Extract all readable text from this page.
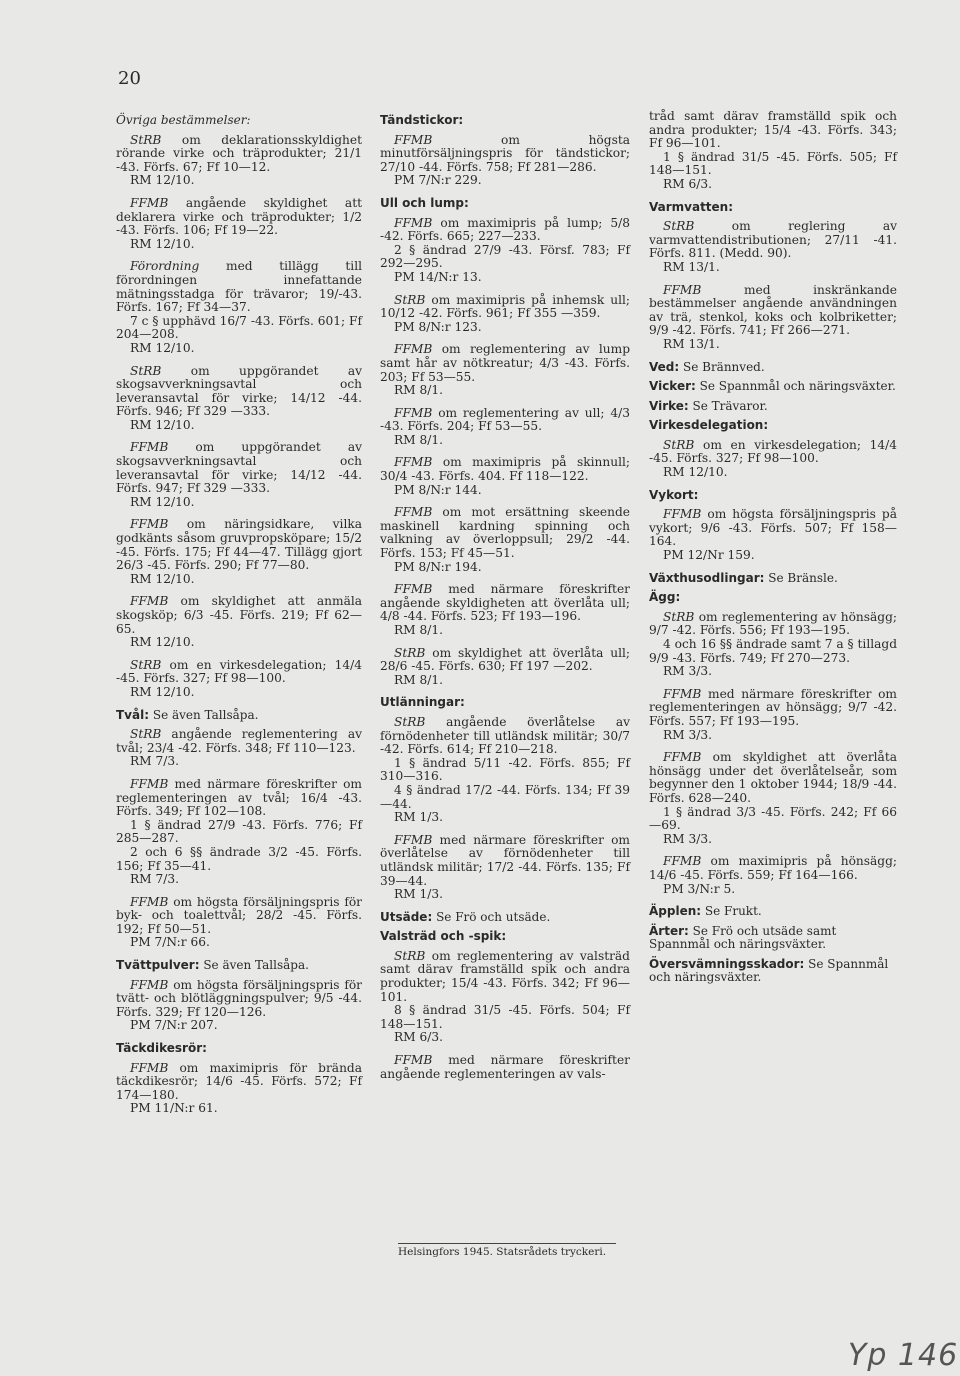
20
Övriga bestämmelser:

StRB om deklarationsskyldighet rörande virke och träprodukter; 21/1 -43. Förfs. 67; Ff 10—12.

RM 12/10.

FFMB angående skyldighet att deklarera virke och träprodukter; 1/2 -43. Förfs. 106; Ff 19—22.

RM 12/10.

Förordning med tillägg till förordningen innefattande mätningsstadga för trävaror; 19/-43. Förfs. 167; Ff 34—37.

7 c § upphävd 16/7 -43. Förfs. 601; Ff 204—208.

RM 12/10.

StRB om uppgörandet av skogsavverkningsavtal och leveransavtal för virke; 14/12 -44. Förfs. 946; Ff 329 —333.

RM 12/10.

FFMB om uppgörandet av skogsavverkningsavtal och leveransavtal för virke; 14/12 -44. Förfs. 947; Ff 329 —333.

RM 12/10.

FFMB om näringsidkare, vilka godkänts såsom gruvpropsköpare; 15/2 -45. Förfs. 175; Ff 44—47. Tillägg gjort 26/3 -45. Förfs. 290; Ff 77—80.

RM 12/10.

FFMB om skyldighet att anmäla skogsköp; 6/3 -45. Förfs. 219; Ff 62—65.

RM 12/10.

StRB om en virkesdelegation; 14/4 -45. Förfs. 327; Ff 98—100.

RM 12/10.

Tvål: Se även Tallsåpa.

StRB angående reglementering av tvål; 23/4 -42. Förfs. 348; Ff 110—123.

RM 7/3.

FFMB med närmare föreskrifter om reglementeringen av tvål; 16/4 -43. Förfs. 349; Ff 102—108.

1 § ändrad 27/9 -43. Förfs. 776; Ff 285—287.

2 och 6 §§ ändrade 3/2 -45. Förfs. 156; Ff 35—41.

RM 7/3.

FFMB om högsta försäljningspris för byk- och toalettvål; 28/2 -45. Förfs. 192; Ff 50—51.

PM 7/N:r 66.

Tvättpulver: Se även Tallsåpa.

FFMB om högsta försäljningspris för tvätt- och blötläggningspulver; 9/5 -44. Förfs. 329; Ff 120—126.

PM 7/N:r 207.

Täckdikesrör:

FFMB om maximipris för brända täckdikesrör; 14/6 -45. Förfs. 572; Ff 174—180.

PM 11/N:r 61.

Tändstickor:

FFMB om högsta minutförsäljningspris för tändstickor; 27/10 -44. Förfs. 758; Ff 281—286.

PM 7/N:r 229.

Ull och lump:

FFMB om maximipris på lump; 5/8 -42. Förfs. 665; 227—233.

2 § ändrad 27/9 -43. Försf. 783; Ff 292—295.

PM 14/N:r 13.

StRB om maximipris på inhemsk ull; 10/12 -42. Förfs. 961; Ff 355 —359.

PM 8/N:r 123.

FFMB om reglementering av lump samt hår av nötkreatur; 4/3 -43. Förfs. 203; Ff 53—55.

RM 8/1.

FFMB om reglementering av ull; 4/3 -43. Förfs. 204; Ff 53—55.

RM 8/1.

FFMB om maximipris på skinnull; 30/4 -43. Förfs. 404. Ff 118—122.

PM 8/N:r 144.

FFMB om mot ersättning skeende maskinell kardning spinning och valkning av överloppsull; 29/2 -44. Förfs. 153; Ff 45—51.

PM 8/N:r 194.

FFMB med närmare föreskrifter angående skyldigheten att överlåta ull; 4/8 -44. Förfs. 523; Ff 193—196.

RM 8/1.

StRB om skyldighet att överlåta ull; 28/6 -45. Förfs. 630; Ff 197 —202.

RM 8/1.

Utlänningar:

StRB angående överlåtelse av förnödenheter till utländsk militär; 30/7 -42. Förfs. 614; Ff 210—218.

1 § ändrad 5/11 -42. Förfs. 855; Ff 310—316.

4 § ändrad 17/2 -44. Förfs. 134; Ff 39—44.

RM 1/3.

FFMB med närmare föreskrifter om överlåtelse av förnödenheter till utländsk militär; 17/2 -44. Förfs. 135; Ff 39—44.

RM 1/3.

Utsäde: Se Frö och utsäde.
Valsträd och -spik:

StRB om reglementering av valsträd samt därav framställd spik och andra produkter; 15/4 -43. Förfs. 342; Ff 96—101.

8 § ändrad 31/5 -45. Förfs. 504; Ff 148—151.

RM 6/3.

FFMB med närmare föreskrifter angående reglementeringen av vals-

tråd samt därav framställd spik och andra produkter; 15/4 -43. Förfs. 343; Ff 96—101.

1 § ändrad 31/5 -45. Förfs. 505; Ff 148—151.

RM 6/3.

Varmvatten:

StRB om reglering av varmvattendistributionen; 27/11 -41. Förfs. 811. (Medd. 90).

RM 13/1.

FFMB med inskränkande bestämmelser angående användningen av trä, stenkol, koks och kolbriketter; 9/9 -42. Förfs. 741; Ff 266—271.

RM 13/1.

Ved: Se Brännved.
Vicker: Se Spannmål och näringsväxter.
Virke: Se Trävaror.
Virkesdelegation:

StRB om en virkesdelegation; 14/4 -45. Förfs. 327; Ff 98—100.

RM 12/10.

Vykort:

FFMB om högsta försäljningspris på vykort; 9/6 -43. Förfs. 507; Ff 158—164.

PM 12/Nr 159.

Växthusodlingar: Se Bränsle.
Ägg:

StRB om reglementering av hönsägg; 9/7 -42. Förfs. 556; Ff 193—195.

4 och 16 §§ ändrade samt 7 a § tillagd 9/9 -43. Förfs. 749; Ff 270—273.

RM 3/3.

FFMB med närmare föreskrifter om reglementeringen av hönsägg; 9/7 -42. Förfs. 557; Ff 193—195.

RM 3/3.

FFMB om skyldighet att överlåta hönsägg under det överlåtelseår, som begynner den 1 oktober 1944; 18/9 -44. Förfs. 628—240.

1 § ändrad 3/3 -45. Förfs. 242; Ff 66—69.

RM 3/3.

FFMB om maximipris på hönsägg; 14/6 -45. Förfs. 559; Ff 164—166.

PM 3/N:r 5.

Äpplen: Se Frukt.
Ärter: Se Frö och utsäde samt Spannmål och näringsväxter.
Översvämningsskador: Se Spannmål och näringsväxter.
Helsingfors 1945. Statsrådets tryckeri.
Yp 146
